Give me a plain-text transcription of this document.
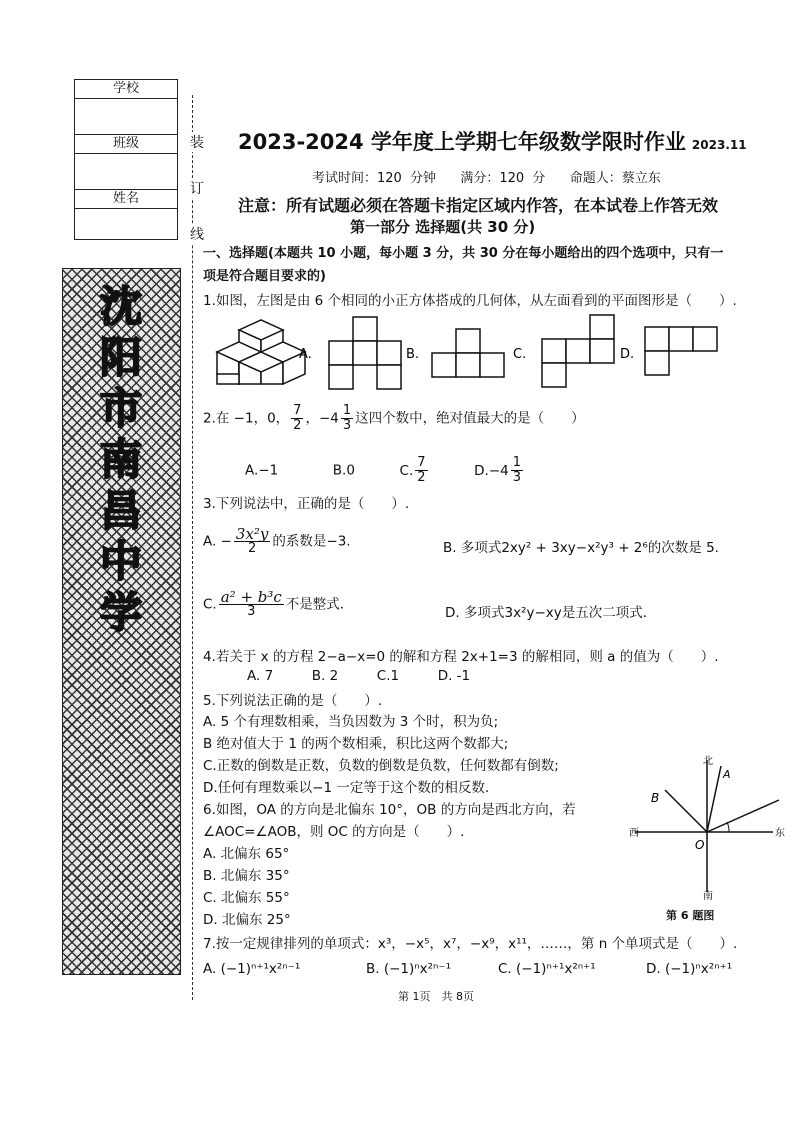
学校
班级
姓名
装
订
线
沈
阳
市
南
昌
中
学
2023-2024 学年度上学期七年级数学限时作业 2023.11
考试时间：120 分钟 满分：120 分 命题人：蔡立东
注意：所有试题必须在答题卡指定区域内作答，在本试卷上作答无效
第一部分 选择题(共 30 分)
一、选择题(本题共 10 小题，每小题 3 分，共 30 分在每小题给出的四个选项中，只有一
项是符合题目要求的)
1.如图，左图是由 6 个相同的小正方体搭成的几何体，从左面看到的平面图形是（　　）.
A.	B.	C.	D.
2.在 −1，0， $\frac{7}{2}$ ，$-4 \frac{1}{3}$ 这四个数中，绝对值最大的是（　　）
A.−1	B.0	C. $\frac{7}{2}$	$D.-4 \frac{1}{3}$
3.下列说法中，正确的是（　　）.
A. − $\frac{\text{3x²y}}{2}$ 的系数是−3.	B. 多项式2xy² + 3xy−x²y³ + 2⁶的次数是 5.
C. $\frac{\text{a² + b³c}}{3}$ 不是整式．
D. 多项式3x²y−xy是五次二项式．
4.若关于 x 的方程 2−a−x=0 的解和方程 2x+1=3 的解相同，则 a 的值为（　　）.
A. 7	B. 2	C.1	D. -1
5.下列说法正确的是（　　）.
A. 5 个有理数相乘，当负因数为 3 个时，积为负;
B 绝对值大于 1 的两个数相乘，积比这两个数都大;
C.正数的倒数是正数，负数的倒数是负数，任何数都有倒数;
D.任何有理数乘以−1 一定等于这个数的相反数.
6.如图，OA 的方向是北偏东 10°，OB 的方向是西北方向，若
∠AOC=∠AOB，则 OC 的方向是（　　）.
A. 北偏东 65°
B. 北偏东 35°
C. 北偏东 55°
D. 北偏东 25°
北
A
B
西	东
O
南
第 6 题图
7.按一定规律排列的单项式：x³，−x⁵，x⁷，−x⁹，x¹¹，……，第 n 个单项式是（　　）.
A. (−1)ⁿ⁺¹x²ⁿ⁻¹	B. (−1)ⁿx²ⁿ⁻¹	C. (−1)ⁿ⁺¹x²ⁿ⁺¹	D. (−1)ⁿx²ⁿ⁺¹
第 1页　共 8页
